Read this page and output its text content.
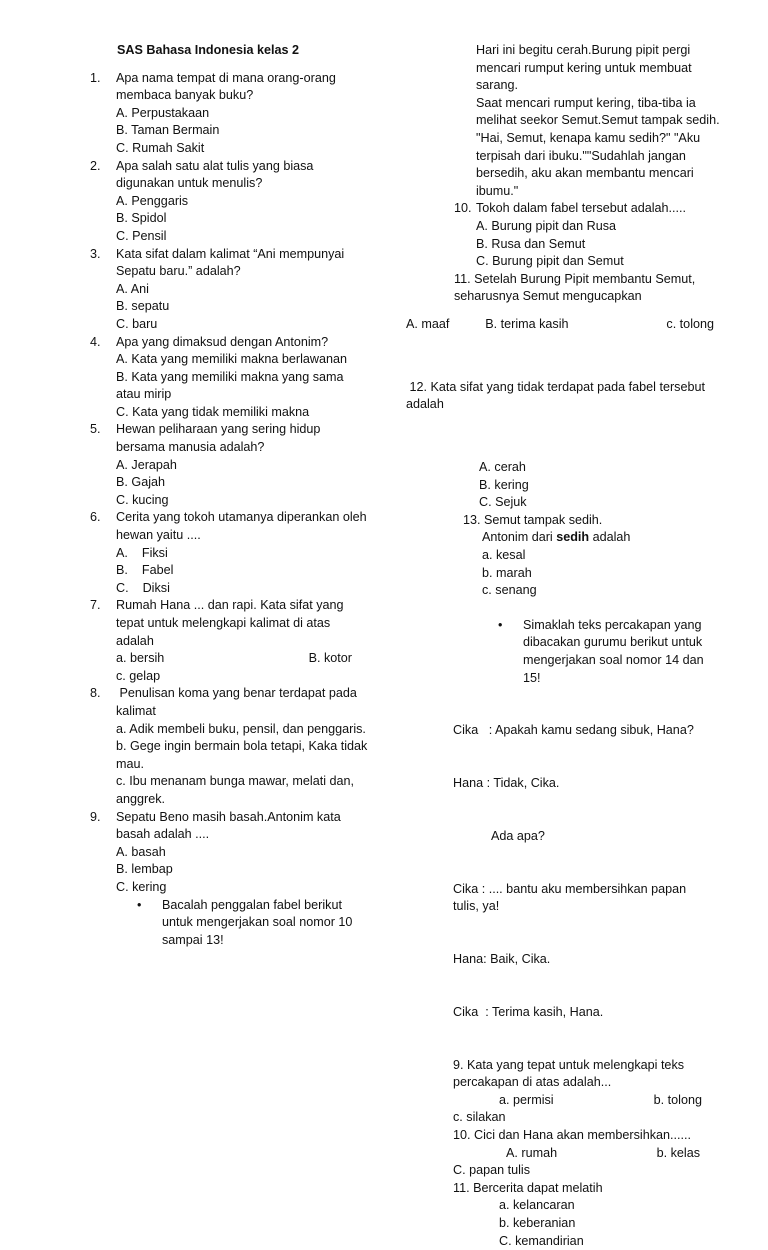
SAS Bahasa Indonesia kelas 2
1. Apa nama tempat di mana orang-orang membaca banyak buku?
A. Perpustakaan
B. Taman Bermain
C. Rumah Sakit
2. Apa salah satu alat tulis yang biasa digunakan untuk menulis?
A. Penggaris
B. Spidol
C. Pensil
3. Kata sifat dalam kalimat “Ani mempunyai Sepatu baru.” adalah?
A. Ani
B. sepatu
C. baru
4. Apa yang dimaksud dengan Antonim?
A. Kata yang memiliki makna berlawanan
B. Kata yang memiliki makna yang sama atau mirip
C. Kata yang tidak memiliki makna
5. Hewan peliharaan yang sering hidup bersama manusia adalah?
A. Jerapah
B. Gajah
C. kucing
6. Cerita yang tokoh utamanya diperankan oleh hewan yaitu ....
A.    Fiksi
B.    Fabel
C.    Diksi
7. Rumah Hana ... dan rapi. Kata sifat yang tepat untuk melengkapi kalimat di atas adalah
a. bersih	B. kotor
c. gelap
8. Penulisan koma yang benar terdapat pada kalimat
a. Adik membeli buku, pensil, dan penggaris.
b. Gege ingin bermain bola tetapi, Kaka tidak mau.
c. Ibu menanam bunga mawar, melati dan, anggrek.
9. Sepatu Beno masih basah.Antonim kata basah adalah ....
A. basah
B. lembap
C. kering
• Bacalah penggalan fabel berikut untuk mengerjakan soal nomor 10 sampai 13!
Hari ini begitu cerah.Burung pipit pergi mencari rumput kering untuk membuat sarang.
Saat mencari rumput kering, tiba-tiba ia melihat seekor Semut.Semut tampak sedih.
"Hai, Semut, kenapa kamu sedih?" "Aku terpisah dari ibuku.""Sudahlah jangan bersedih, aku akan membantu mencari ibumu."
10. Tokoh dalam fabel tersebut adalah.....
A. Burung pipit dan Rusa
B. Rusa dan Semut
C. Burung pipit dan Semut
11. Setelah Burung Pipit membantu Semut, seharusnya Semut mengucapkan
A. maaf	B. terima kasih	c. tolong

12. Kata sifat yang tidak terdapat pada fabel tersebut adalah

A. cerah
B. kering
C. Sejuk
13. Semut tampak sedih.
Antonim dari sedih adalah
a. kesal
b. marah
c. senang
• Simaklah teks percakapan yang dibacakan gurumu berikut untuk mengerjakan soal nomor 14 dan 15!

Cika   : Apakah kamu sedang sibuk, Hana?

Hana : Tidak, Cika.

Ada apa?

Cika : .... bantu aku membersihkan papan tulis, ya!

Hana: Baik, Cika.

Cika  : Terima kasih, Hana.

9. Kata yang tepat untuk melengkapi teks percakapan di atas adalah...
a. permisi	b. tolong
c. silakan
10. Cici dan Hana akan membersihkan......
A. rumah	b. kelas
C. papan tulis
11. Bercerita dapat melatih
a. kelancaran
b. keberanian
C. kemandirian
